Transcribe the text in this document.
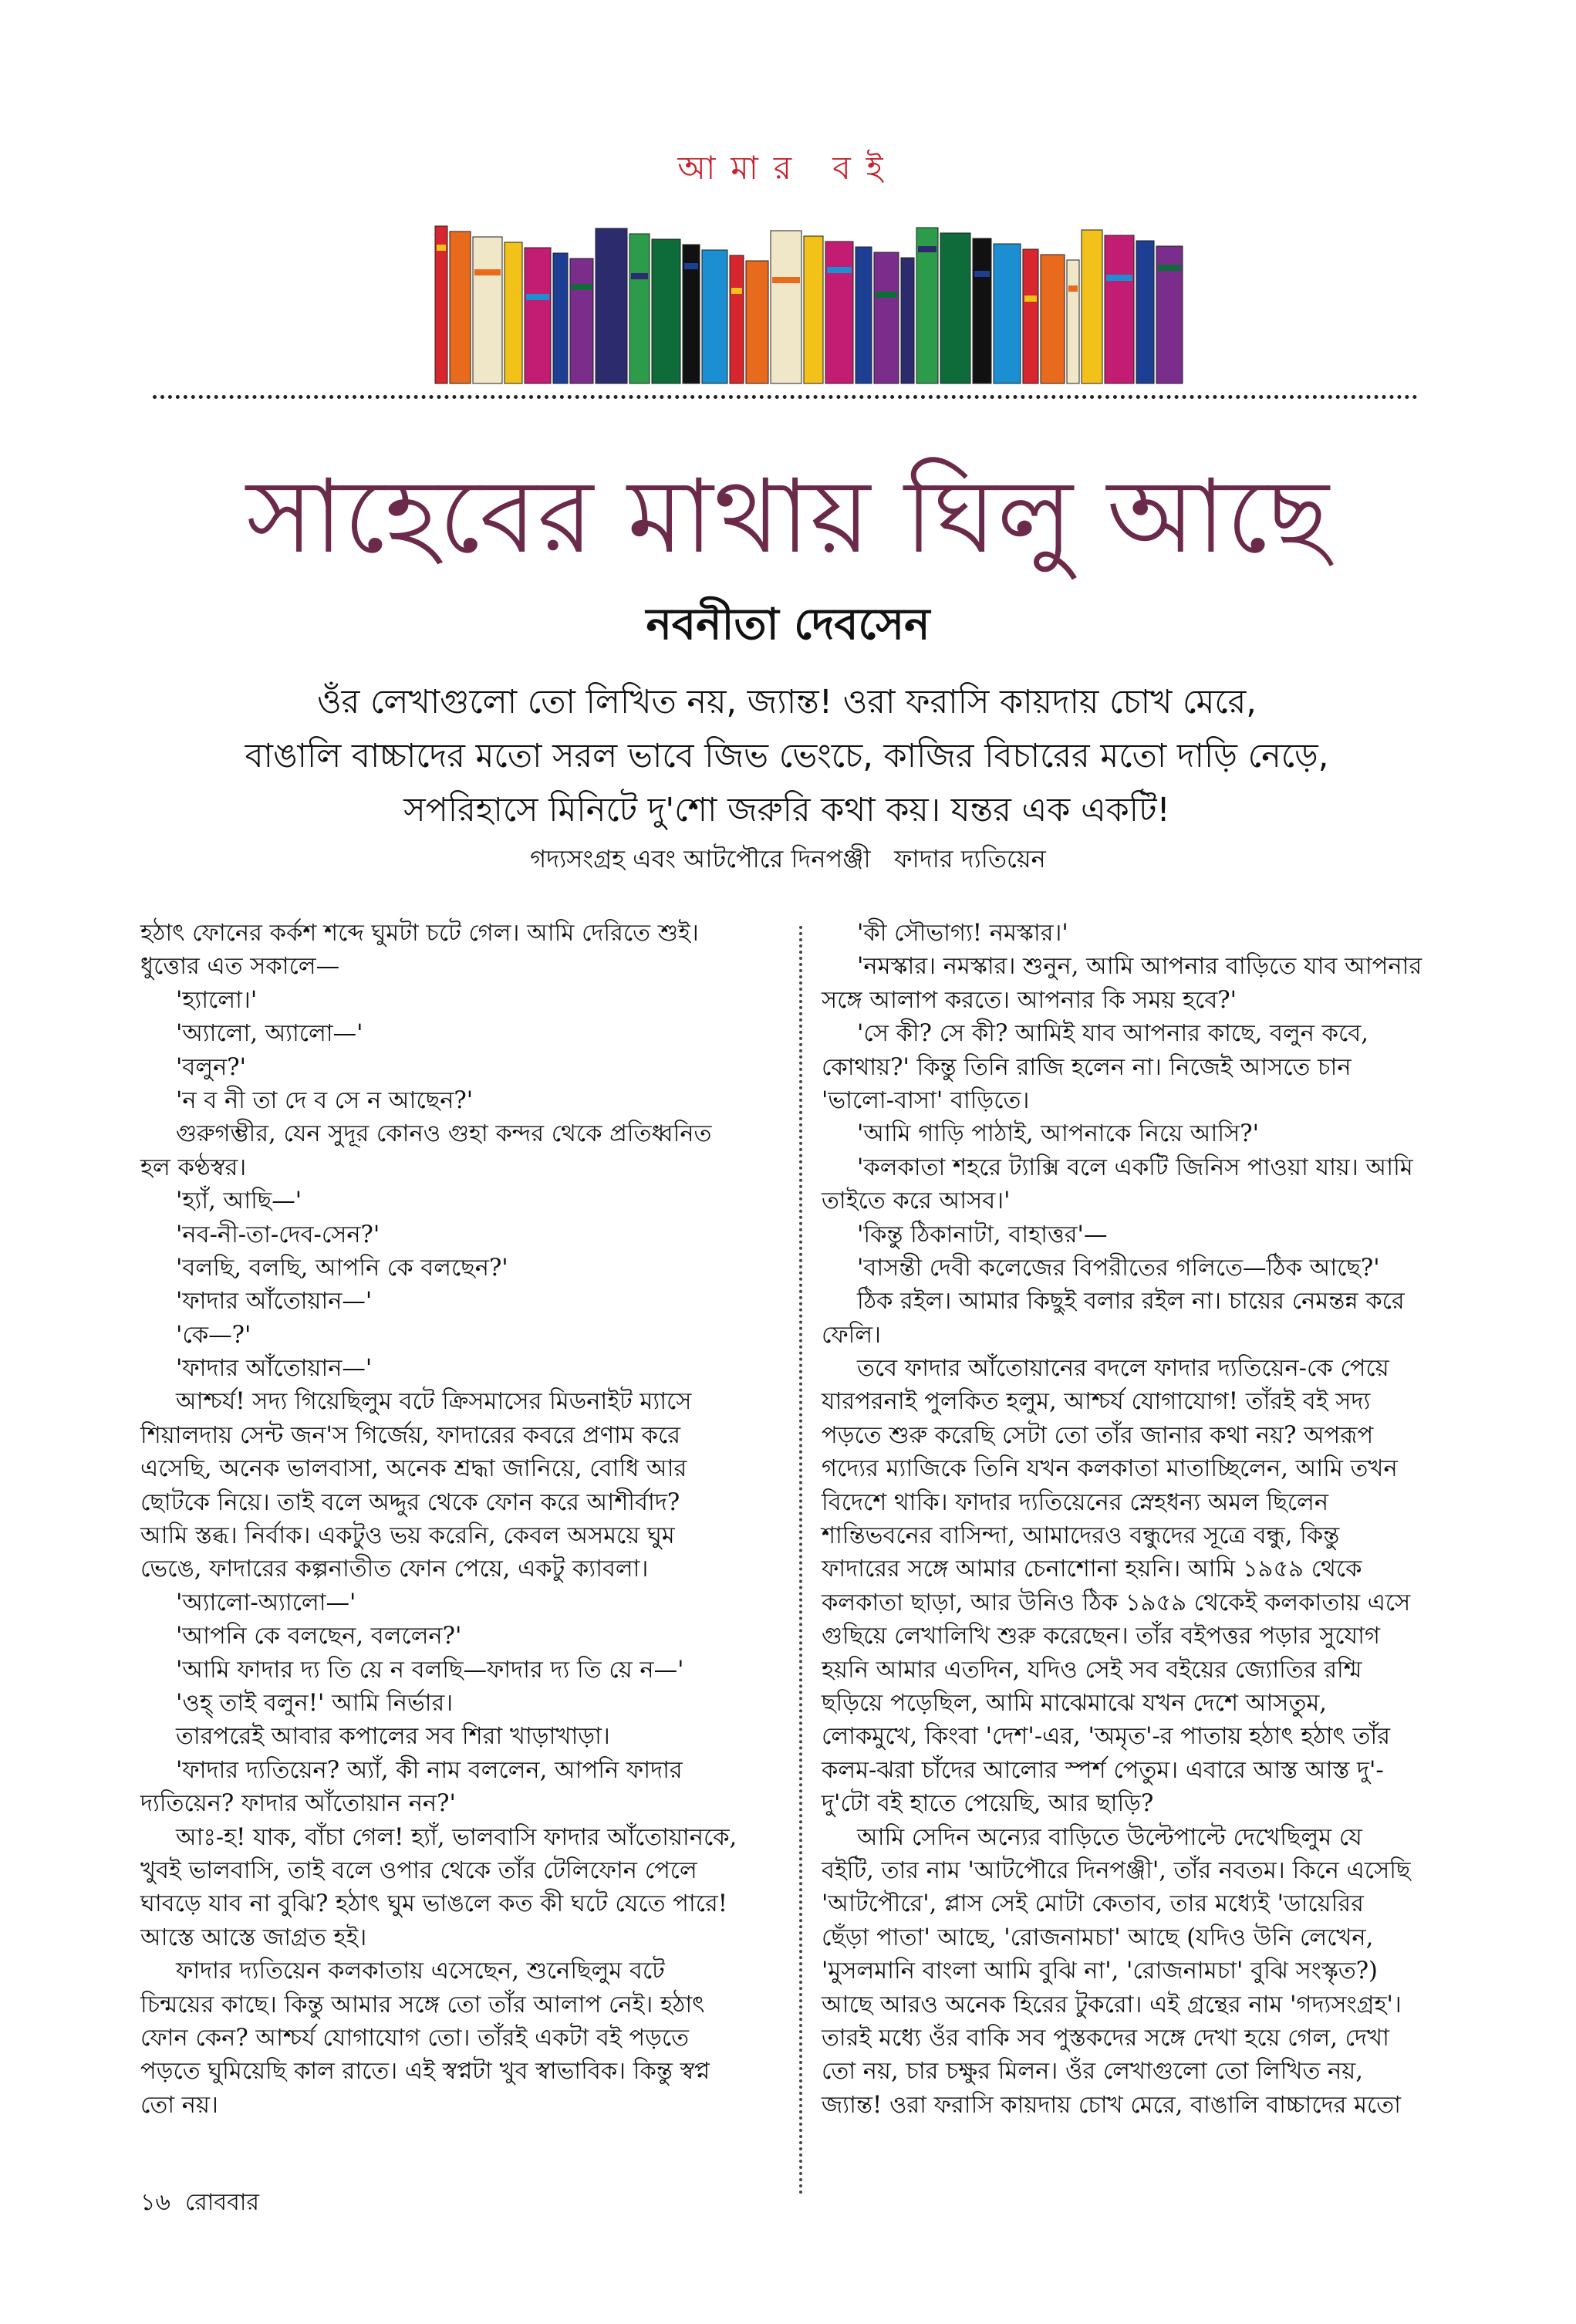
আমার বই
সাহেবের মাথায় ঘিলু আছে
নবনীতা দেবসেন
ওঁর লেখাগুলো তো লিখিত নয়, জ্যান্ত! ওরা ফরাসি কায়দায় চোখ মেরে,
বাঙালি বাচ্চাদের মতো সরল ভাবে জিভ ভেংচে, কাজির বিচারের মতো দাড়ি নেড়ে,
সপরিহাসে মিনিটে দু'শো জরুরি কথা কয়। যন্তর এক একটি!
গদ্যসংগ্রহ এবং আটপৌরে দিনপঞ্জী   ফাদার দ্যতিয়েন
হঠাৎ ফোনের কর্কশ শব্দে ঘুমটা চটে গেল। আমি দেরিতে শুই।
ধুত্তোর এত সকালে—
'হ্যালো।'
'অ্যালো, অ্যালো—'
'বলুন?'
'ন ব নী তা দে ব সে ন আছেন?'
গুরুগম্ভীর, যেন সুদূর কোনও গুহা কন্দর থেকে প্রতিধ্বনিত
হল কণ্ঠস্বর।
'হ্যাঁ, আছি—'
'নব-নী-তা-দেব-সেন?'
'বলছি, বলছি, আপনি কে বলছেন?'
'ফাদার আঁতোয়ান—'
'কে—?'
'ফাদার আঁতোয়ান—'
আশ্চর্য! সদ্য গিয়েছিলুম বটে ক্রিসমাসের মিডনাইট ম্যাসে
শিয়ালদায় সেন্ট জন'স গির্জেয়, ফাদারের কবরে প্রণাম করে
এসেছি, অনেক ভালবাসা, অনেক শ্রদ্ধা জানিয়ে, বোধি আর
ছোটকে নিয়ে। তাই বলে অদ্দুর থেকে ফোন করে আশীর্বাদ?
আমি স্তব্ধ। নির্বাক। একটুও ভয় করেনি, কেবল অসময়ে ঘুম
ভেঙে, ফাদারের কল্পনাতীত ফোন পেয়ে, একটু ক্যাবলা।
'অ্যালো-অ্যালো—'
'আপনি কে বলছেন, বললেন?'
'আমি ফাদার দ্য তি য়ে ন বলছি—ফাদার দ্য তি য়ে ন—'
'ওহ্ তাই বলুন!' আমি নির্ভার।
তারপরেই আবার কপালের সব শিরা খাড়াখাড়া।
'ফাদার দ্যতিয়েন? অ্যাঁ, কী নাম বললেন, আপনি ফাদার
দ্যতিয়েন? ফাদার আঁতোয়ান নন?'
আঃ-হ! যাক, বাঁচা গেল! হ্যাঁ, ভালবাসি ফাদার আঁতোয়ানকে,
খুবই ভালবাসি, তাই বলে ওপার থেকে তাঁর টেলিফোন পেলে
ঘাবড়ে যাব না বুঝি? হঠাৎ ঘুম ভাঙলে কত কী ঘটে যেতে পারে!
আস্তে আস্তে জাগ্রত হই।
ফাদার দ্যতিয়েন কলকাতায় এসেছেন, শুনেছিলুম বটে
চিন্ময়ের কাছে। কিন্তু আমার সঙ্গে তো তাঁর আলাপ নেই। হঠাৎ
ফোন কেন? আশ্চর্য যোগাযোগ তো। তাঁরই একটা বই পড়তে
পড়তে ঘুমিয়েছি কাল রাতে। এই স্বপ্নটা খুব স্বাভাবিক। কিন্তু স্বপ্ন
তো নয়।
'কী সৌভাগ্য! নমস্কার।'
'নমস্কার। নমস্কার। শুনুন, আমি আপনার বাড়িতে যাব আপনার
সঙ্গে আলাপ করতে। আপনার কি সময় হবে?'
'সে কী? সে কী? আমিই যাব আপনার কাছে, বলুন কবে,
কোথায়?' কিন্তু তিনি রাজি হলেন না। নিজেই আসতে চান
'ভালো-বাসা' বাড়িতে।
'আমি গাড়ি পাঠাই, আপনাকে নিয়ে আসি?'
'কলকাতা শহরে ট্যাক্সি বলে একটি জিনিস পাওয়া যায়। আমি
তাইতে করে আসব।'
'কিন্তু ঠিকানাটা, বাহাত্তর'—
'বাসন্তী দেবী কলেজের বিপরীতের গলিতে—ঠিক আছে?'
ঠিক রইল। আমার কিছুই বলার রইল না। চায়ের নেমন্তন্ন করে
ফেলি।
তবে ফাদার আঁতোয়ানের বদলে ফাদার দ্যতিয়েন-কে পেয়ে
যারপরনাই পুলকিত হলুম, আশ্চর্য যোগাযোগ! তাঁরই বই সদ্য
পড়তে শুরু করেছি সেটা তো তাঁর জানার কথা নয়? অপরূপ
গদ্যের ম্যাজিকে তিনি যখন কলকাতা মাতাচ্ছিলেন, আমি তখন
বিদেশে থাকি। ফাদার দ্যতিয়েনের স্নেহধন্য অমল ছিলেন
শান্তিভবনের বাসিন্দা, আমাদেরও বন্ধুদের সূত্রে বন্ধু, কিন্তু
ফাদারের সঙ্গে আমার চেনাশোনা হয়নি। আমি ১৯৫৯ থেকে
কলকাতা ছাড়া, আর উনিও ঠিক ১৯৫৯ থেকেই কলকাতায় এসে
গুছিয়ে লেখালিখি শুরু করেছেন। তাঁর বইপত্তর পড়ার সুযোগ
হয়নি আমার এতদিন, যদিও সেই সব বইয়ের জ্যোতির রশ্মি
ছড়িয়ে পড়েছিল, আমি মাঝেমাঝে যখন দেশে আসতুম,
লোকমুখে, কিংবা 'দেশ'-এর, 'অমৃত'-র পাতায় হঠাৎ হঠাৎ তাঁর
কলম-ঝরা চাঁদের আলোর স্পর্শ পেতুম। এবারে আস্ত আস্ত দু'-
দু'টো বই হাতে পেয়েছি, আর ছাড়ি?
আমি সেদিন অন্যের বাড়িতে উল্টেপাল্টে দেখেছিলুম যে
বইটি, তার নাম 'আটপৌরে দিনপঞ্জী', তাঁর নবতম। কিনে এসেছি
'আটপৌরে', প্লাস সেই মোটা কেতাব, তার মধ্যেই 'ডায়েরির
ছেঁড়া পাতা' আছে, 'রোজনামচা' আছে (যদিও উনি লেখেন,
'মুসলমানি বাংলা আমি বুঝি না', 'রোজনামচা' বুঝি সংস্কৃত?)
আছে আরও অনেক হিরের টুকরো। এই গ্রন্থের নাম 'গদ্যসংগ্রহ'।
তারই মধ্যে ওঁর বাকি সব পুস্তকদের সঙ্গে দেখা হয়ে গেল, দেখা
তো নয়, চার চক্ষুর মিলন। ওঁর লেখাগুলো তো লিখিত নয়,
জ্যান্ত! ওরা ফরাসি কায়দায় চোখ মেরে, বাঙালি বাচ্চাদের মতো
১৬  রোববার
